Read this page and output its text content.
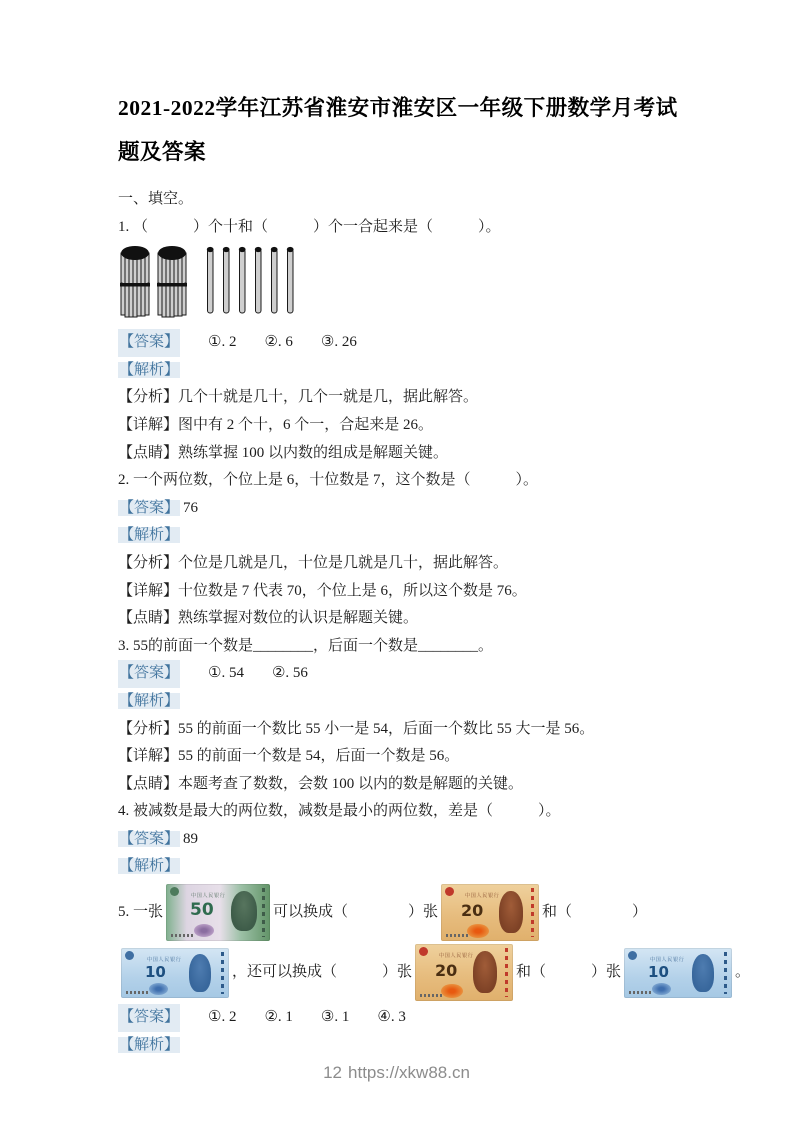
2021-2022学年江苏省淮安市淮安区一年级下册数学月考试题及答案

一、填空。

1. （　　　）个十和（　　　）个一合起来是（　　　）。

【答案】 ①. 2 ②. 6 ③. 26

【解析】

【分析】几个十就是几十，几个一就是几，据此解答。

【详解】图中有 2 个十，6 个一，合起来是 26。

【点睛】熟练掌握 100 以内数的组成是解题关键。

2. 一个两位数，个位上是 6，十位数是 7，这个数是（　　　）。

【答案】 76

【解析】

【分析】个位是几就是几，十位是几就是几十，据此解答。

【详解】十位数是 7 代表 70，个位上是 6，所以这个数是 76。

【点睛】熟练掌握对数位的认识是解题关键。

3. 55的前面一个数是________，后面一个数是________。

【答案】 ①. 54 ②. 56

【解析】

【分析】55 的前面一个数比 55 小一是 54，后面一个数比 55 大一是 56。

【详解】55 的前面一个数是 54，后面一个数是 56。

【点睛】本题考查了数数，会数 100 以内的数是解题的关键。

4. 被减数是最大的两位数，减数是最小的两位数，差是（　　　）。

【答案】 89

【解析】

5. 一张
中国人民银行
50	可以换成（　　　　）张
中国人民银行
20	和（　　　　）
中国人民银行
10	，还可以换成（　　　）张
中国人民银行
20	和（　　　）张
中国人民银行
10	。

【答案】 ①. 2 ②. 1 ③. 1 ④. 3

【解析】

12 https://xkw88.cn
